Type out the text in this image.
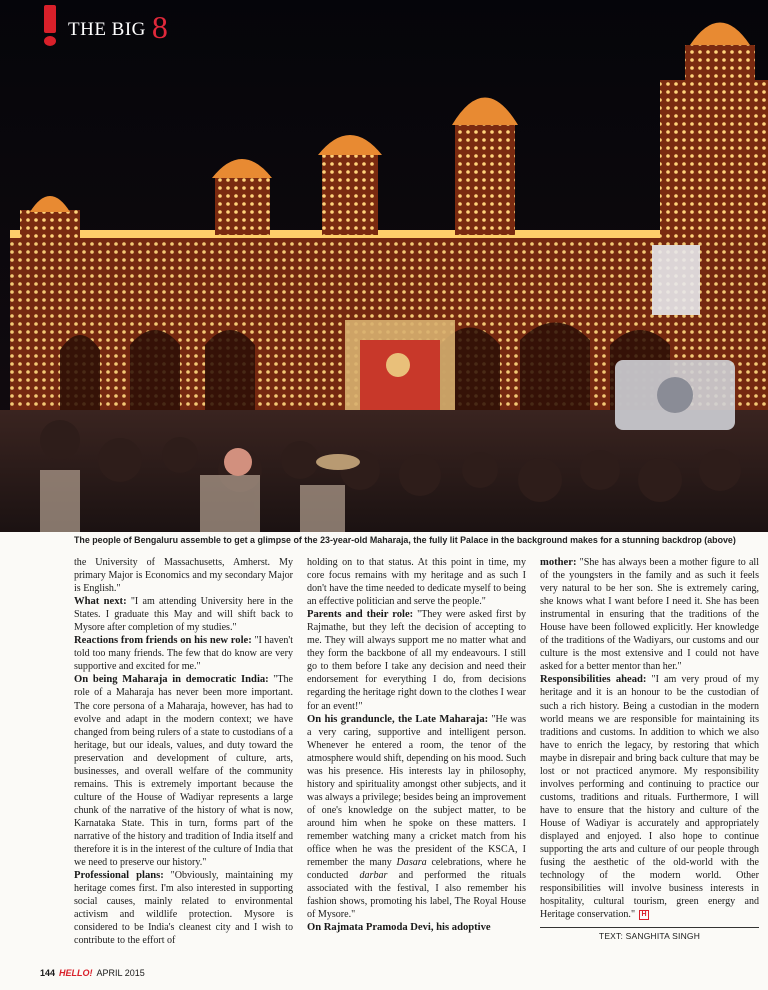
THE BIG 8
The people of Bengaluru assemble to get a glimpse of the 23-year-old Maharaja, the fully lit Palace in the background makes for a stunning backdrop (above)

the University of Massachusetts, Amherst. My primary Major is Economics and my secondary Major is English."

What next: "I am attending University here in the States. I graduate this May and will shift back to Mysore after completion of my studies."

Reactions from friends on his new role: "I haven't told too many friends. The few that do know are very supportive and excited for me."

On being Maharaja in democratic India: "The role of a Maharaja has never been more important. The core persona of a Maharaja, however, has had to evolve and adapt in the modern context; we have changed from being rulers of a state to custodians of a heritage, but our ideals, values, and duty toward the preservation and development of culture, arts, businesses, and overall welfare of the community remains. This is extremely important because the culture of the House of Wadiyar represents a large chunk of the narrative of the history of what is now, Karnataka State. This in turn, forms part of the narrative of the history and tradition of India itself and therefore it is in the interest of the culture of India that we need to preserve our history."

Professional plans: "Obviously, maintaining my heritage comes first. I'm also interested in supporting social causes, mainly related to environmental activism and wildlife protection. Mysore is considered to be India's cleanest city and I wish to contribute to the effort of

holding on to that status. At this point in time, my core focus remains with my heritage and as such I don't have the time needed to dedicate myself to being an effective politician and serve the people."

Parents and their role: "They were asked first by Rajmathe, but they left the decision of accepting to me. They will always support me no matter what and they form the backbone of all my endeavours. I still go to them before I take any decision and need their endorsement for everything I do, from decisions regarding the heritage right down to the clothes I wear for an event!"

On his granduncle, the Late Maharaja: "He was a very caring, supportive and intelligent person. Whenever he entered a room, the tenor of the atmosphere would shift, depending on his mood. Such was his presence. His interests lay in philosophy, history and spirituality amongst other subjects, and it was always a privilege; besides being an improvement of one's knowledge on the subject matter, to be around him when he spoke on these matters. I remember watching many a cricket match from his office when he was the president of the KSCA, I remember the many Dasara celebrations, where he conducted darbar and performed the rituals associated with the festival, I also remember his fashion shows, promoting his label, The Royal House of Mysore."

On Rajmata Pramoda Devi, his adoptive

mother: "She has always been a mother figure to all of the youngsters in the family and as such it feels very natural to be her son. She is extremely caring, she knows what I want before I need it. She has been instrumental in ensuring that the traditions of the House have been followed explicitly. Her knowledge of the traditions of the Wadiyars, our customs and our culture is the most extensive and I could not have asked for a better mentor than her."

Responsibilities ahead: "I am very proud of my heritage and it is an honour to be the custodian of such a rich history. Being a custodian in the modern world means we are responsible for maintaining its traditions and customs. In addition to which we also have to enrich the legacy, by restoring that which maybe in disrepair and bring back culture that may be lost or not practiced anymore. My responsibility involves performing and continuing to practice our customs, traditions and rituals. Furthermore, I will have to ensure that the history and culture of the House of Wadiyar is accurately and appropriately displayed and enjoyed. I also hope to continue supporting the arts and culture of our people through fusing the aesthetic of the old-world with the technology of the modern world. Other responsibilities will involve business interests in hospitality, cultural tourism, green energy and Heritage conservation." H

TEXT: SANGHITA SINGH
144 HELLO! APRIL 2015
